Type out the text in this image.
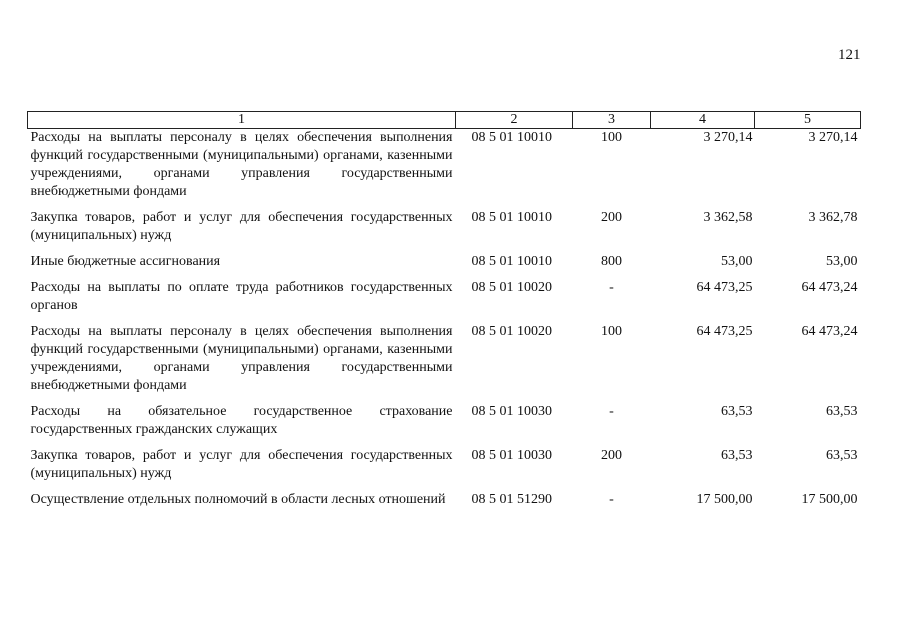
121
1	2	3	4	5
Расходы на выплаты персоналу в целях обеспечения выполнения функций государственными (муниципальными) органами, казенными учреждениями, органами управления государственными внебюджетными фондами	08 5 01 10010	100	3 270,14	3 270,14
Закупка товаров, работ и услуг для обеспечения государственных (муниципальных) нужд	08 5 01 10010	200	3 362,58	3 362,78
Иные бюджетные ассигнования	08 5 01 10010	800	53,00	53,00
Расходы на выплаты по оплате труда работников государственных органов	08 5 01 10020	-	64 473,25	64 473,24
Расходы на выплаты персоналу в целях обеспечения выполнения функций государственными (муниципальными) органами, казенными учреждениями, органами управления государственными внебюджетными фондами	08 5 01 10020	100	64 473,25	64 473,24
Расходы на обязательное государственное страхование государственных гражданских служащих	08 5 01 10030	-	63,53	63,53
Закупка товаров, работ и услуг для обеспечения государственных (муниципальных) нужд	08 5 01 10030	200	63,53	63,53
Осуществление отдельных полномочий в области лесных отношений	08 5 01 51290	-	17 500,00	17 500,00
